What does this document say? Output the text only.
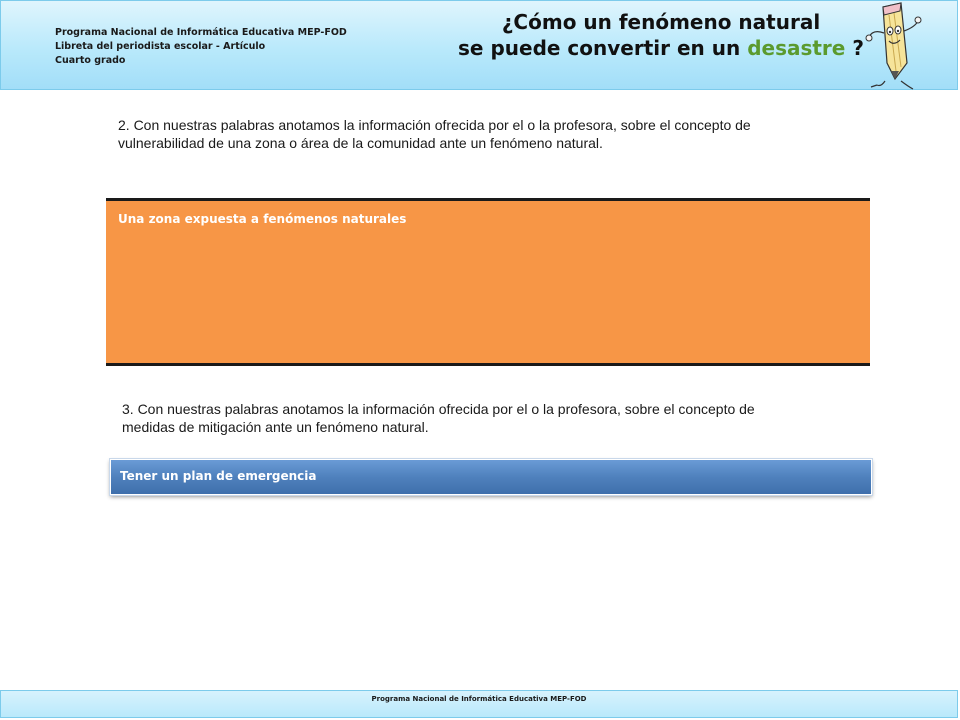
Programa Nacional de Informática Educativa MEP-FOD
Libreta del periodista escolar - Artículo
Cuarto grado
¿Cómo un fenómeno natural
se puede convertir en un desastre ?
2. Con nuestras palabras anotamos la información ofrecida por el o la profesora, sobre el concepto de vulnerabilidad de una zona o área de la comunidad ante un fenómeno natural.
Una zona expuesta a fenómenos naturales
3. Con nuestras palabras anotamos la información ofrecida por el o la profesora, sobre el concepto de medidas de mitigación ante un fenómeno natural.
Tener un plan de emergencia
Programa Nacional de Informática Educativa MEP-FOD
